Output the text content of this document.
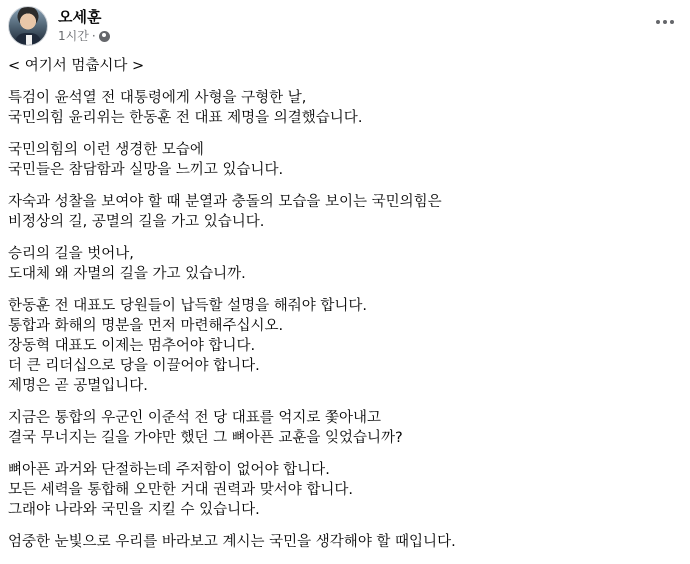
오세훈
1시간 ·
< 여기서 멈춥시다 >
특검이 윤석열 전 대통령에게 사형을 구형한 날,
국민의힘 윤리위는 한동훈 전 대표 제명을 의결했습니다.
국민의힘의 이런 생경한 모습에
국민들은 참담함과 실망을 느끼고 있습니다.
자숙과 성찰을 보여야 할 때 분열과 충돌의 모습을 보이는 국민의힘은
비정상의 길, 공멸의 길을 가고 있습니다.
승리의 길을 벗어나,
도대체 왜 자멸의 길을 가고 있습니까.
한동훈 전 대표도 당원들이 납득할 설명을 해줘야 합니다.
통합과 화해의 명분을 먼저 마련해주십시오.
장동혁 대표도 이제는 멈추어야 합니다.
더 큰 리더십으로 당을 이끌어야 합니다.
제명은 곧 공멸입니다.
지금은 통합의 우군인 이준석 전 당 대표를 억지로 쫓아내고
결국 무너지는 길을 가야만 했던 그 뼈아픈 교훈을 잊었습니까?
뼈아픈 과거와 단절하는데 주저함이 없어야 합니다.
모든 세력을 통합해 오만한 거대 권력과 맞서야 합니다.
그래야 나라와 국민을 지킬 수 있습니다.
엄중한 눈빛으로 우리를 바라보고 계시는 국민을 생각해야 할 때입니다.
